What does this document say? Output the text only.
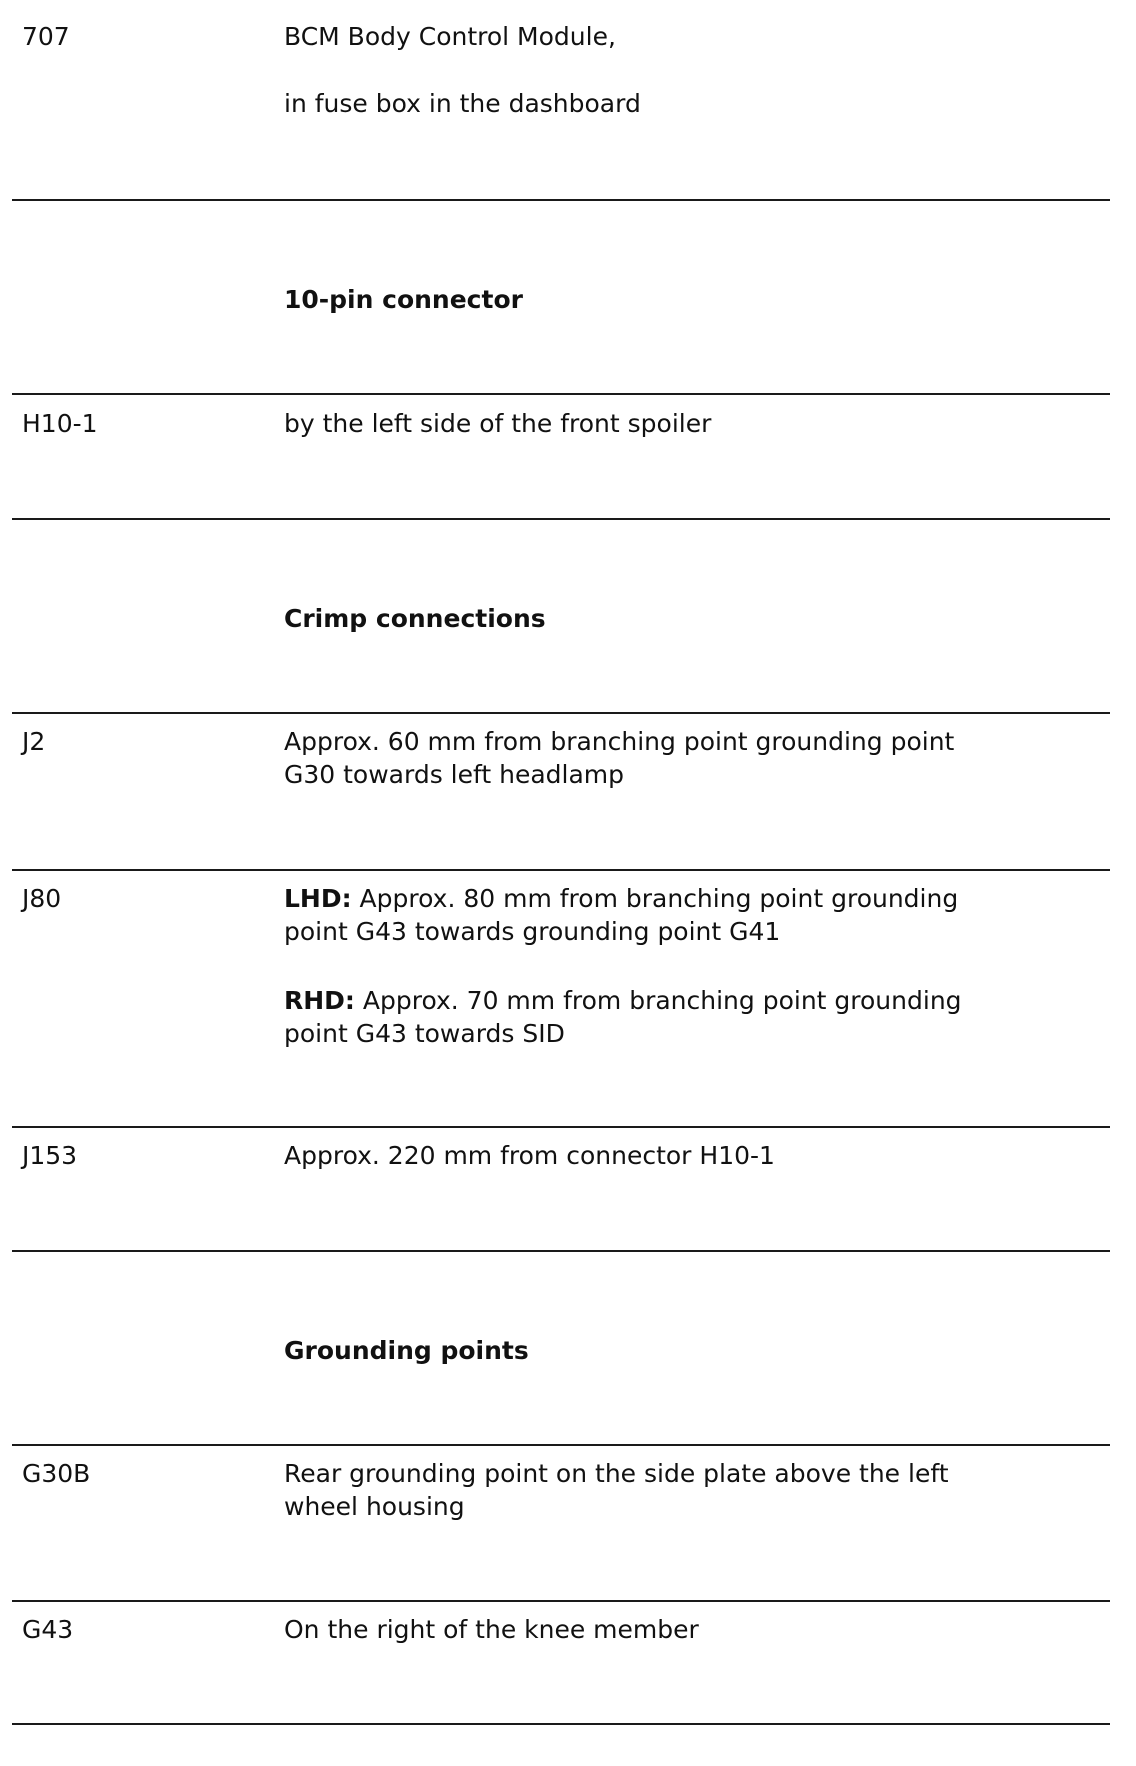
707	BCM Body Control Module,
in fuse box in the dashboard
10-pin connector
H10-1	by the left side of the front spoiler
Crimp connections
J2	Approx. 60 mm from branching point grounding point
G30 towards left headlamp
J80	LHD: Approx. 80 mm from branching point grounding
point G43 towards grounding point G41
RHD: Approx. 70 mm from branching point grounding
point G43 towards SID
J153	Approx. 220 mm from connector H10-1
Grounding points
G30B	Rear grounding point on the side plate above the left
wheel housing
G43	On the right of the knee member
